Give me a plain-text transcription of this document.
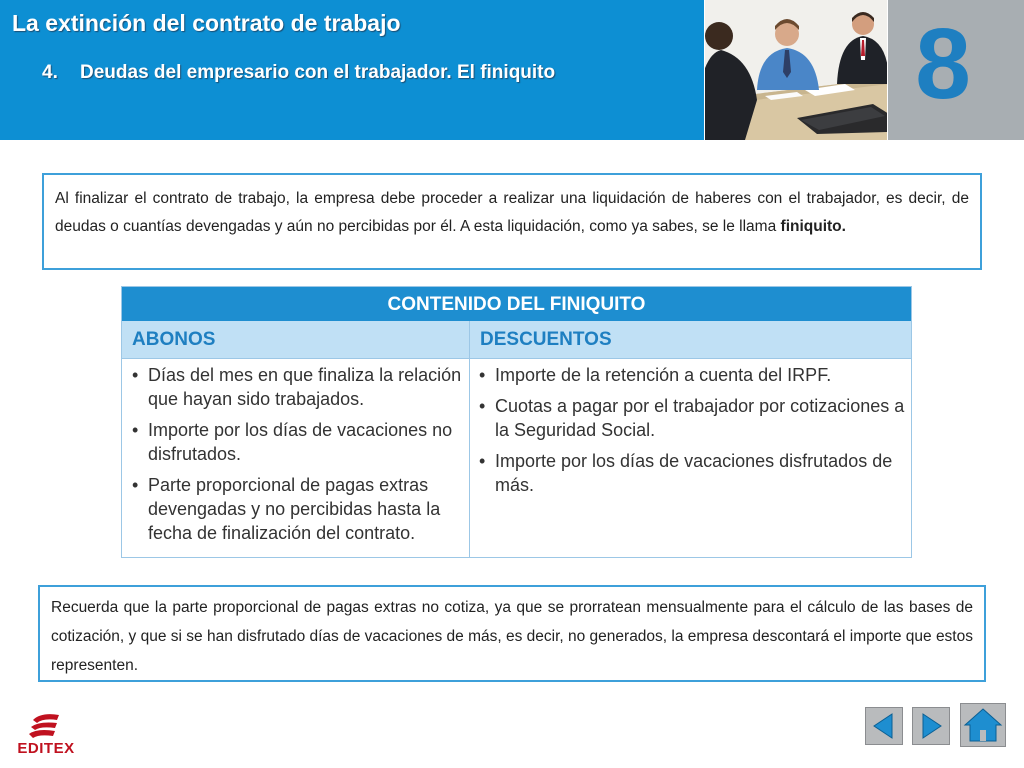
La extinción del contrato de trabajo
4. Deudas del empresario con el trabajador. El finiquito	8
Al finalizar el contrato de trabajo, la empresa debe proceder a realizar una liquidación de haberes con el trabajador, es decir, de deudas o cuantías devengadas y aún no percibidas por él. A esta liquidación, como ya sabes, se le llama finiquito.
CONTENIDO DEL FINIQUITO
ABONOS	DESCUENTOS
• Días del mes en que finaliza la relación que hayan sido trabajados.
• Importe por los días de vacaciones no disfrutados.
• Parte proporcional de pagas extras devengadas y no percibidas hasta la fecha de finalización del contrato.
• Importe de la retención a cuenta del IRPF.
• Cuotas a pagar por el trabajador por cotizaciones a la Seguridad Social.
• Importe por los días de vacaciones disfrutados de más.
Recuerda que la parte proporcional de pagas extras no cotiza, ya que se prorratean mensualmente para el cálculo de las bases de cotización, y que si se han disfrutado días de vacaciones de más, es decir, no generados, la empresa descontará el importe que estos representen.
EDITEX
